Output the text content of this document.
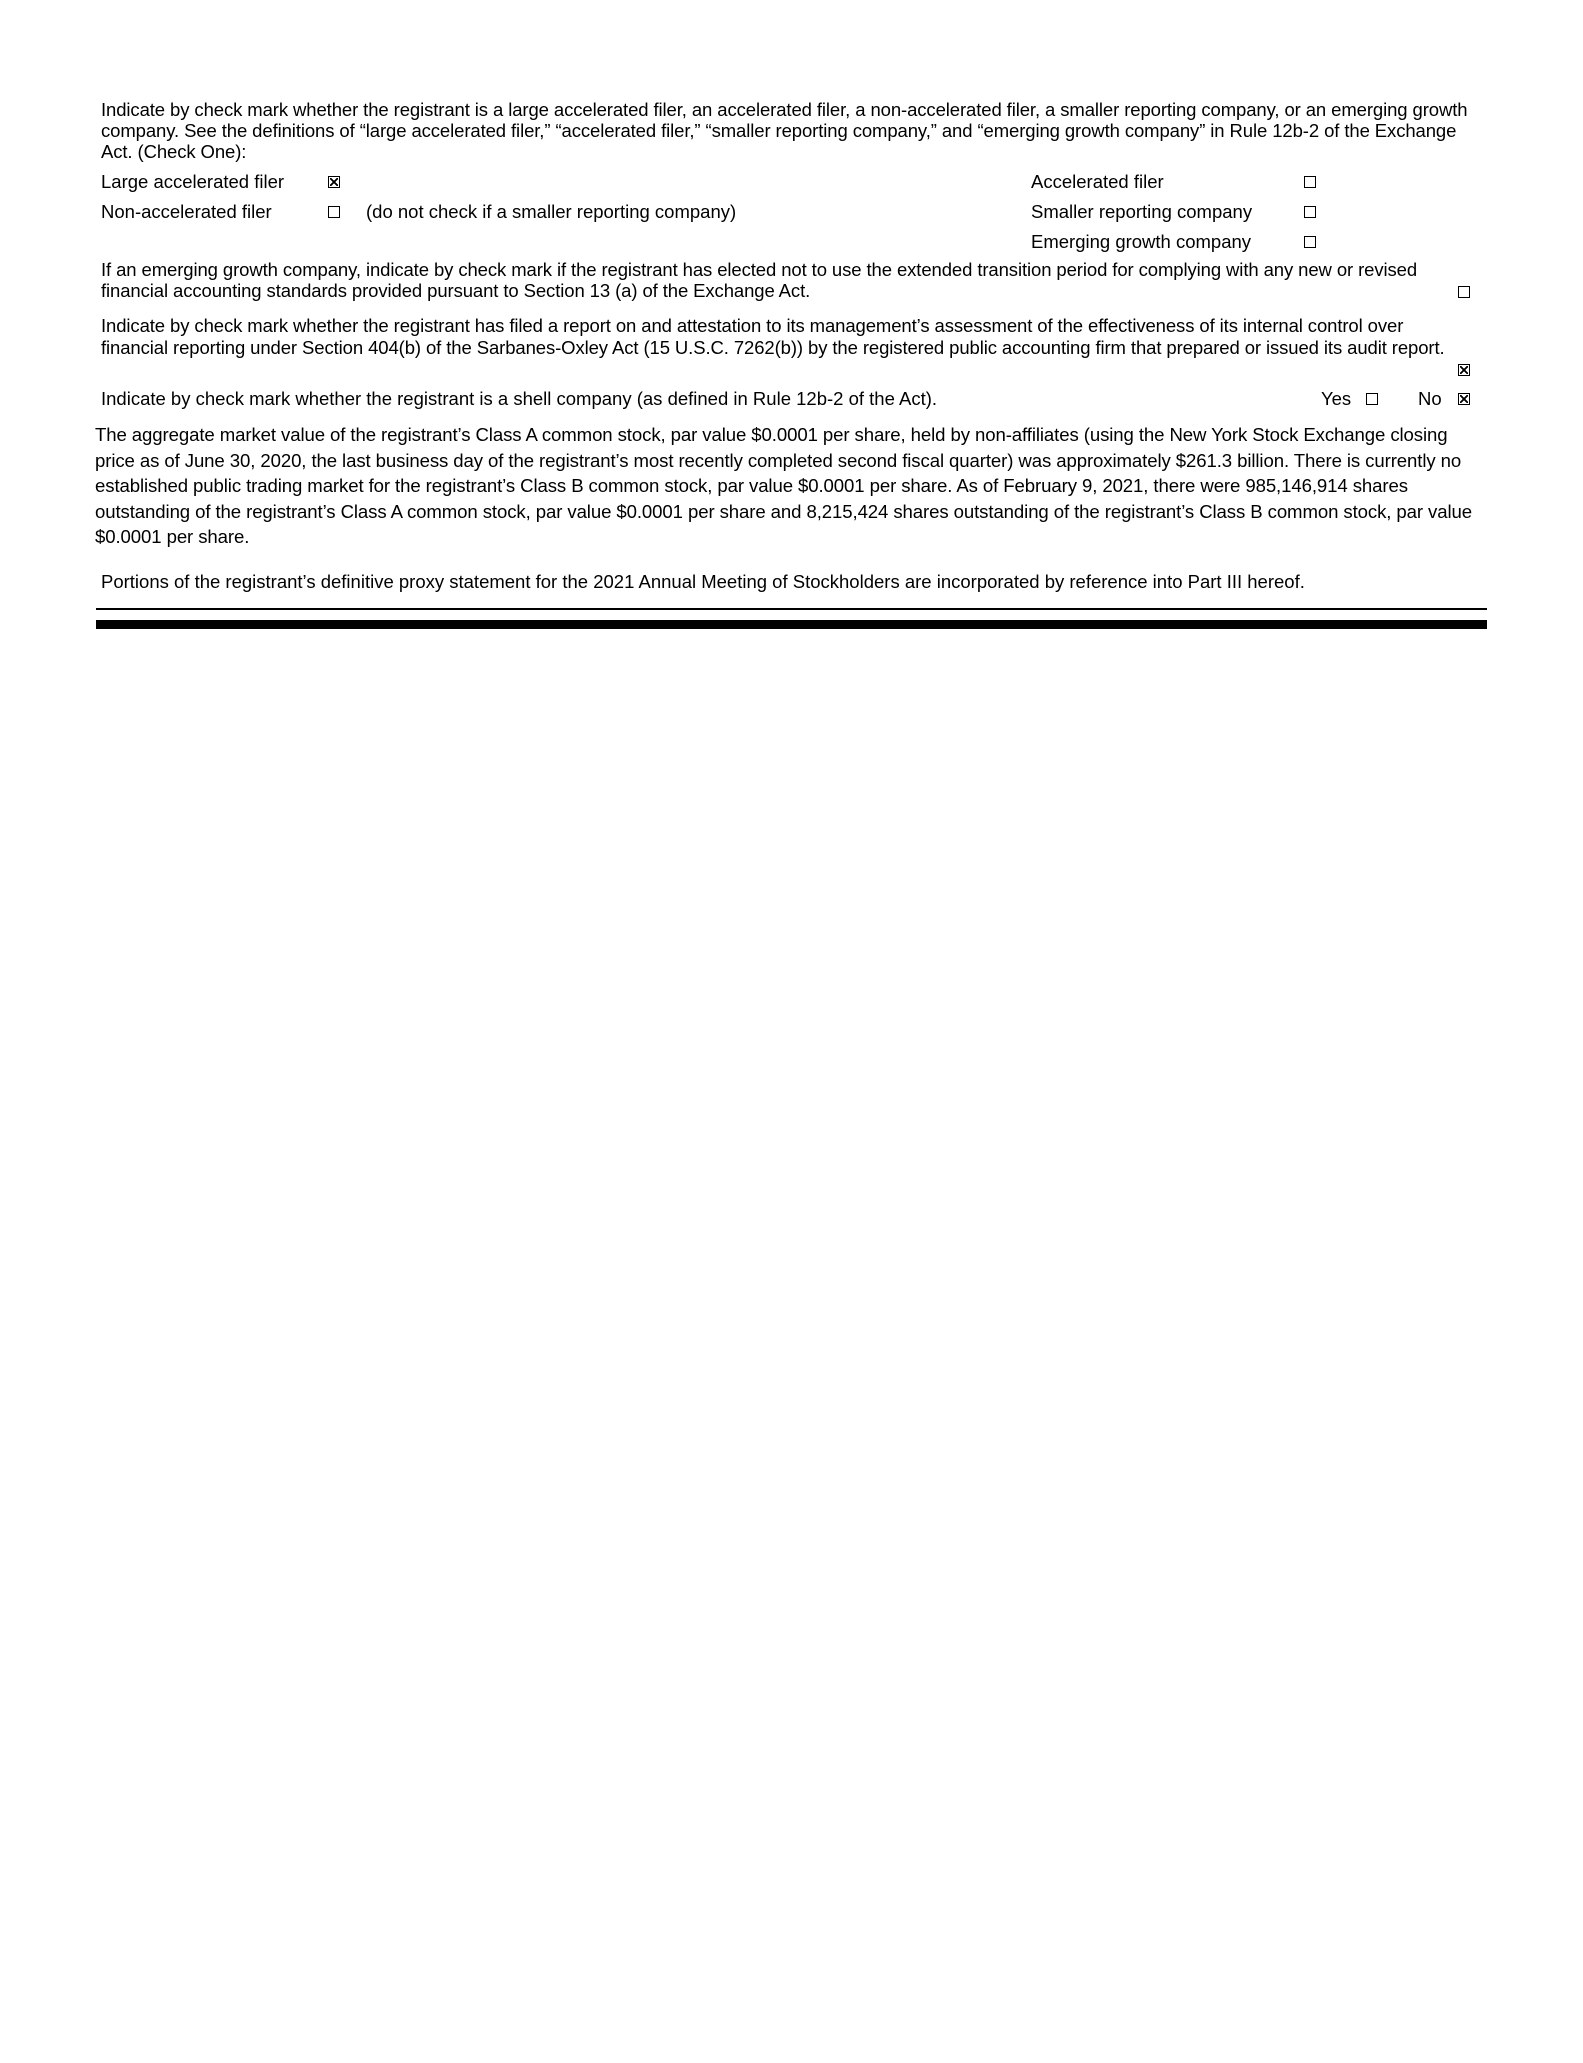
Indicate by check mark whether the registrant is a large accelerated filer, an accelerated filer, a non-accelerated filer, a smaller reporting company, or an emerging growth company. See the definitions of “large accelerated filer,” “accelerated filer,” “smaller reporting company,” and “emerging growth company” in Rule 12b-2 of the Exchange Act. (Check One):
Large accelerated filer	Accelerated filer
Non-accelerated filer	(do not check if a smaller reporting company)	Smaller reporting company
Emerging growth company
If an emerging growth company, indicate by check mark if the registrant has elected not to use the extended transition period for complying with any new or revised financial accounting standards provided pursuant to Section 13 (a) of the Exchange Act.
Indicate by check mark whether the registrant has filed a report on and attestation to its management’s assessment of the effectiveness of its internal control over financial reporting under Section 404(b) of the Sarbanes-Oxley Act (15 U.S.C. 7262(b)) by the registered public accounting firm that prepared or issued its audit report.
Indicate by check mark whether the registrant is a shell company (as defined in Rule 12b-2 of the Act).	Yes	No
The aggregate market value of the registrant’s Class A common stock, par value $0.0001 per share, held by non-affiliates (using the New York Stock Exchange closing price as of June 30, 2020, the last business day of the registrant’s most recently completed second fiscal quarter) was approximately $261.3 billion. There is currently no established public trading market for the registrant’s Class B common stock, par value $0.0001 per share. As of February 9, 2021, there were 985,146,914 shares outstanding of the registrant’s Class A common stock, par value $0.0001 per share and 8,215,424 shares outstanding of the registrant’s Class B common stock, par value $0.0001 per share.
Portions of the registrant’s definitive proxy statement for the 2021 Annual Meeting of Stockholders are incorporated by reference into Part III hereof.
